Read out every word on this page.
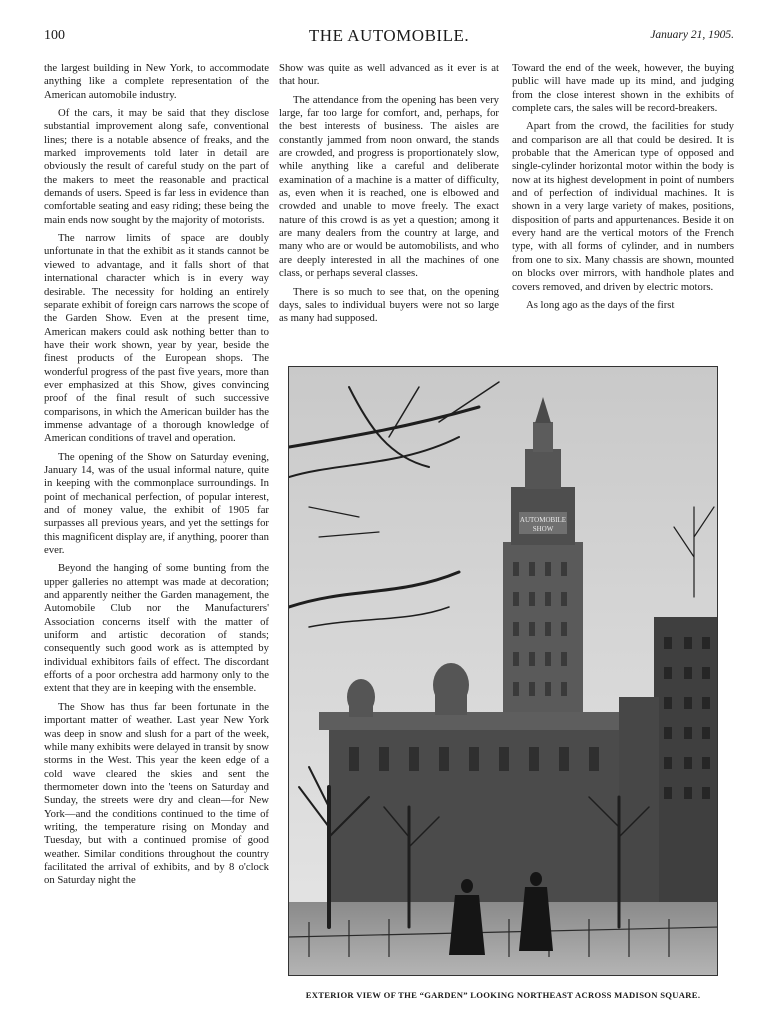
100	THE AUTOMOBILE.	January 21, 1905.

the largest building in New York, to accommodate anything like a complete representation of the American automobile industry.

Of the cars, it may be said that they disclose substantial improvement along safe, conventional lines; there is a notable absence of freaks, and the marked improvements told later in detail are obviously the result of careful study on the part of the makers to meet the reasonable and practical demands of users. Speed is far less in evidence than comfortable seating and easy riding; these being the main ends now sought by the majority of motorists.

The narrow limits of space are doubly unfortunate in that the exhibit as it stands cannot be viewed to advantage, and it falls short of that international character which is in every way desirable. The necessity for holding an entirely separate exhibit of foreign cars narrows the scope of the Garden Show. Even at the present time, American makers could ask nothing better than to have their work shown, year by year, beside the finest products of the European shops. The wonderful progress of the past five years, more than ever emphasized at this Show, gives convincing proof of the final result of such successive comparisons, in which the American builder has the immense advantage of a thorough knowledge of American conditions of travel and operation.

The opening of the Show on Saturday evening, January 14, was of the usual informal nature, quite in keeping with the commonplace surroundings. In point of mechanical perfection, of popular interest, and of money value, the exhibit of 1905 far surpasses all previous years, and yet the settings for this magnificent display are, if anything, poorer than ever.

Beyond the hanging of some bunting from the upper galleries no attempt was made at decoration; and apparently neither the Garden management, the Automobile Club nor the Manufacturers' Association concerns itself with the matter of uniform and artistic decoration of stands; consequently such good work as is attempted by individual exhibitors fails of effect. The discordant efforts of a poor orchestra add harmony only to the extent that they are in keeping with the ensemble.

The Show has thus far been fortunate in the important matter of weather. Last year New York was deep in snow and slush for a part of the week, while many exhibits were delayed in transit by snow storms in the West. This year the keen edge of a cold wave cleared the skies and sent the thermometer down into the 'teens on Saturday and Sunday, the streets were dry and clean—for New York—and the conditions continued to the time of writing, the temperature rising on Monday and Tuesday, but with a continued promise of good weather. Similar conditions throughout the country facilitated the arrival of exhibits, and by 8 o'clock on Saturday night the

Show was quite as well advanced as it ever is at that hour.

The attendance from the opening has been very large, far too large for comfort, and, perhaps, for the best interests of business. The aisles are constantly jammed from noon onward, the stands are crowded, and progress is proportionately slow, while anything like a careful and deliberate examination of a machine is a matter of difficulty, as, even when it is reached, one is elbowed and crowded and unable to move freely. The exact nature of this crowd is as yet a question; among it are many dealers from the country at large, and many who are or would be automobilists, and who are deeply interested in all the machines of one class, or perhaps several classes.

There is so much to see that, on the opening days, sales to individual buyers were not so large as many had supposed.

Toward the end of the week, however, the buying public will have made up its mind, and judging from the close interest shown in the exhibits of complete cars, the sales will be record-breakers.

Apart from the crowd, the facilities for study and comparison are all that could be desired. It is probable that the American type of opposed and single-cylinder horizontal motor within the body is now at its highest development in point of numbers and of perfection of individual machines. It is shown in a very large variety of makes, positions, disposition of parts and appurtenances. Beside it on every hand are the vertical motors of the French type, with all forms of cylinder, and in numbers from one to six. Many chassis are shown, mounted on blocks over mirrors, with handhole plates and covers removed, and driven by electric motors.

As long ago as the days of the first

AUTOMOBILE
SHOW
EXTERIOR VIEW OF THE “GARDEN” LOOKING NORTHEAST ACROSS MADISON SQUARE.
